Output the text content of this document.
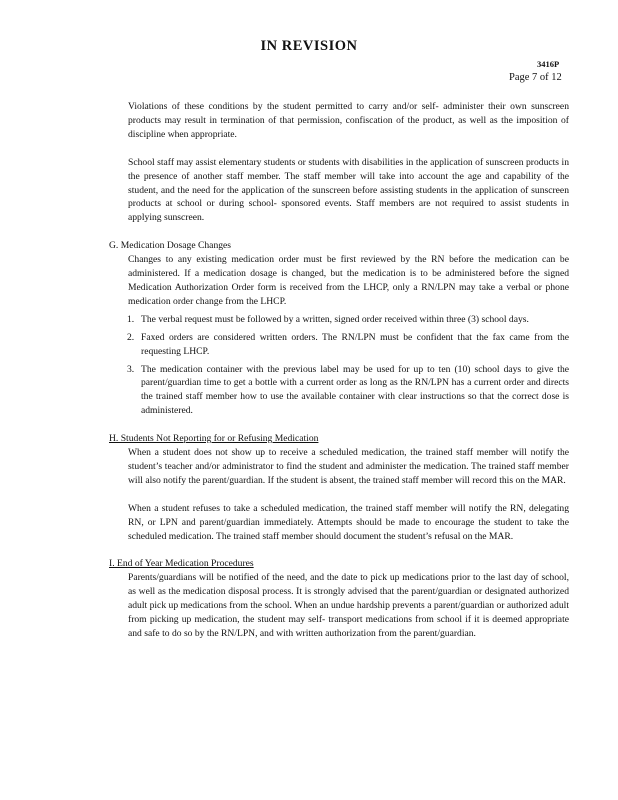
IN REVISION
3416P
Page 7 of 12

Violations of these conditions by the student permitted to carry and/or self- administer their own sunscreen products may result in termination of that permission, confiscation of the product, as well as the imposition of discipline when appropriate.

School staff may assist elementary students or students with disabilities in the application of sunscreen products in the presence of another staff member. The staff member will take into account the age and capability of the student, and the need for the application of the sunscreen before assisting students in the application of sunscreen products at school or during school- sponsored events. Staff members are not required to assist students in applying sunscreen.

G. Medication Dosage Changes

Changes to any existing medication order must be first reviewed by the RN before the medication can be administered. If a medication dosage is changed, but the medication is to be administered before the signed Medication Authorization Order form is received from the LHCP, only a RN/LPN may take a verbal or phone medication order change from the LHCP.

1. The verbal request must be followed by a written, signed order received within three (3) school days.
2. Faxed orders are considered written orders. The RN/LPN must be confident that the fax came from the requesting LHCP.
3. The medication container with the previous label may be used for up to ten (10) school days to give the parent/guardian time to get a bottle with a current order as long as the RN/LPN has a current order and directs the trained staff member how to use the available container with clear instructions so that the correct dose is administered.
H. Students Not Reporting for or Refusing Medication

When a student does not show up to receive a scheduled medication, the trained staff member will notify the student’s teacher and/or administrator to find the student and administer the medication. The trained staff member will also notify the parent/guardian. If the student is absent, the trained staff member will record this on the MAR.

When a student refuses to take a scheduled medication, the trained staff member will notify the RN, delegating RN, or LPN and parent/guardian immediately. Attempts should be made to encourage the student to take the scheduled medication. The trained staff member should document the student’s refusal on the MAR.

I. End of Year Medication Procedures

Parents/guardians will be notified of the need, and the date to pick up medications prior to the last day of school, as well as the medication disposal process. It is strongly advised that the parent/guardian or designated authorized adult pick up medications from the school. When an undue hardship prevents a parent/guardian or authorized adult from picking up medication, the student may self- transport medications from school if it is deemed appropriate and safe to do so by the RN/LPN, and with written authorization from the parent/guardian.
